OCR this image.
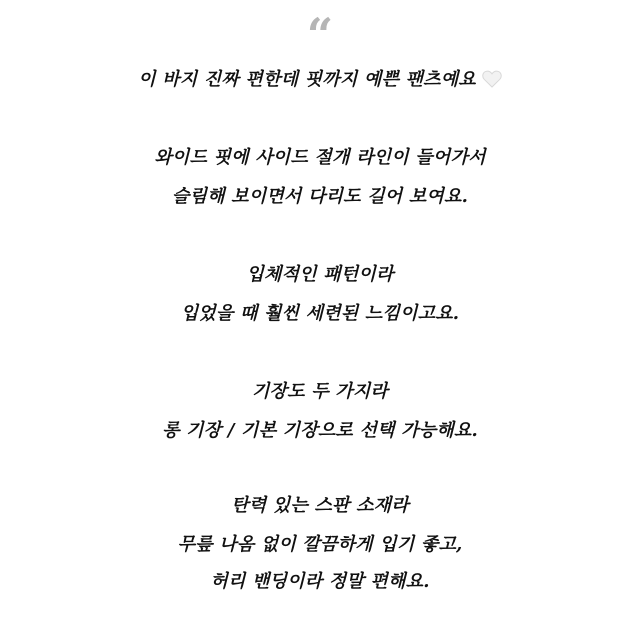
“
이 바지 진짜 편한데 핏까지 예쁜 팬츠예요
와이드 핏에 사이드 절개 라인이 들어가서
슬림해 보이면서 다리도 길어 보여요.
입체적인 패턴이라
입었을 때 훨씬 세련된 느낌이고요.
기장도 두 가지라
롱 기장 / 기본 기장으로 선택 가능해요.
탄력 있는 스판 소재라
무릎 나옴 없이 깔끔하게 입기 좋고,
허리 밴딩이라 정말 편해요.
